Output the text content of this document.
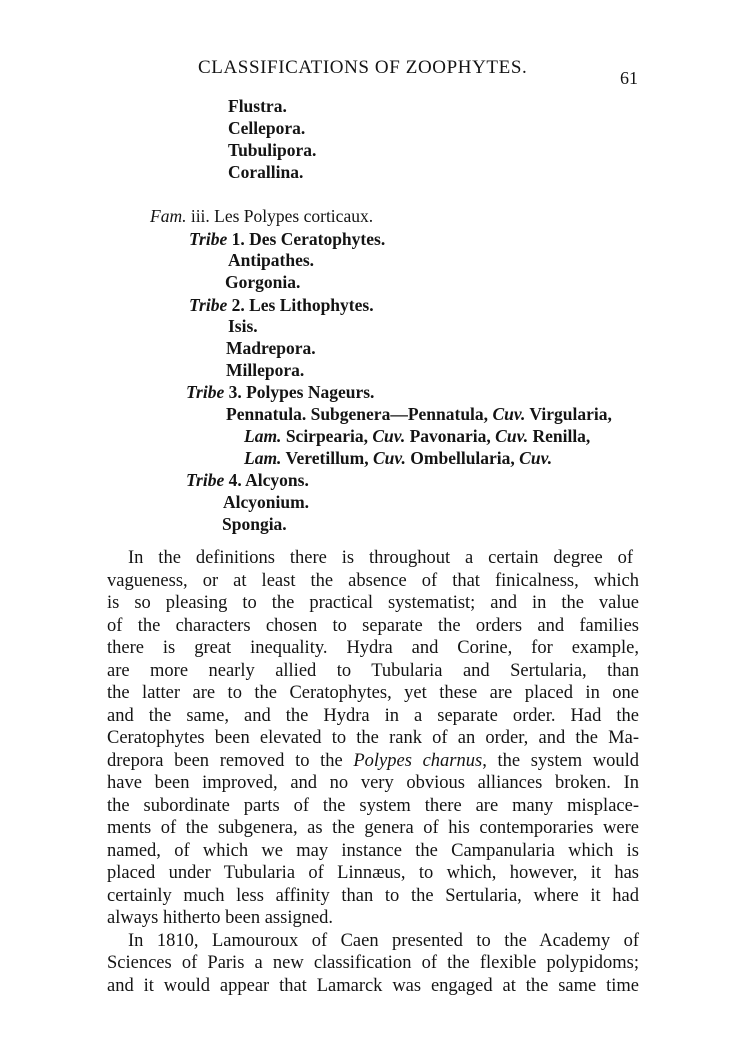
CLASSIFICATIONS OF ZOOPHYTES.	61
Flustra.
Cellepora.
Tubulipora.
Corallina.
Fam. iii. Les Polypes corticaux.
Tribe 1. Des Ceratophytes.
Antipathes.
Gorgonia.
Tribe 2. Les Lithophytes.
Isis.
Madrepora.
Millepora.
Tribe 3. Polypes Nageurs.
Pennatula. Subgenera—Pennatula, Cuv. Virgularia,
Lam. Scirpearia, Cuv. Pavonaria, Cuv. Renilla,
Lam. Veretillum, Cuv. Ombellularia, Cuv.
Tribe 4. Alcyons.
Alcyonium.
Spongia.
In the definitions there is throughout a certain degree of
vagueness, or at least the absence of that finicalness, which
is so pleasing to the practical systematist; and in the value
of the characters chosen to separate the orders and families
there is great inequality. Hydra and Corine, for example,
are more nearly allied to Tubularia and Sertularia, than
the latter are to the Ceratophytes, yet these are placed in one
and the same, and the Hydra in a separate order. Had the
Ceratophytes been elevated to the rank of an order, and the Ma-
drepora been removed to the Polypes charnus, the system would
have been improved, and no very obvious alliances broken. In
the subordinate parts of the system there are many misplace-
ments of the subgenera, as the genera of his contemporaries were
named, of which we may instance the Campanularia which is
placed under Tubularia of Linnæus, to which, however, it has
certainly much less affinity than to the Sertularia, where it had
always hitherto been assigned.
In 1810, Lamouroux of Caen presented to the Academy of
Sciences of Paris a new classification of the flexible polypidoms;
and it would appear that Lamarck was engaged at the same time
